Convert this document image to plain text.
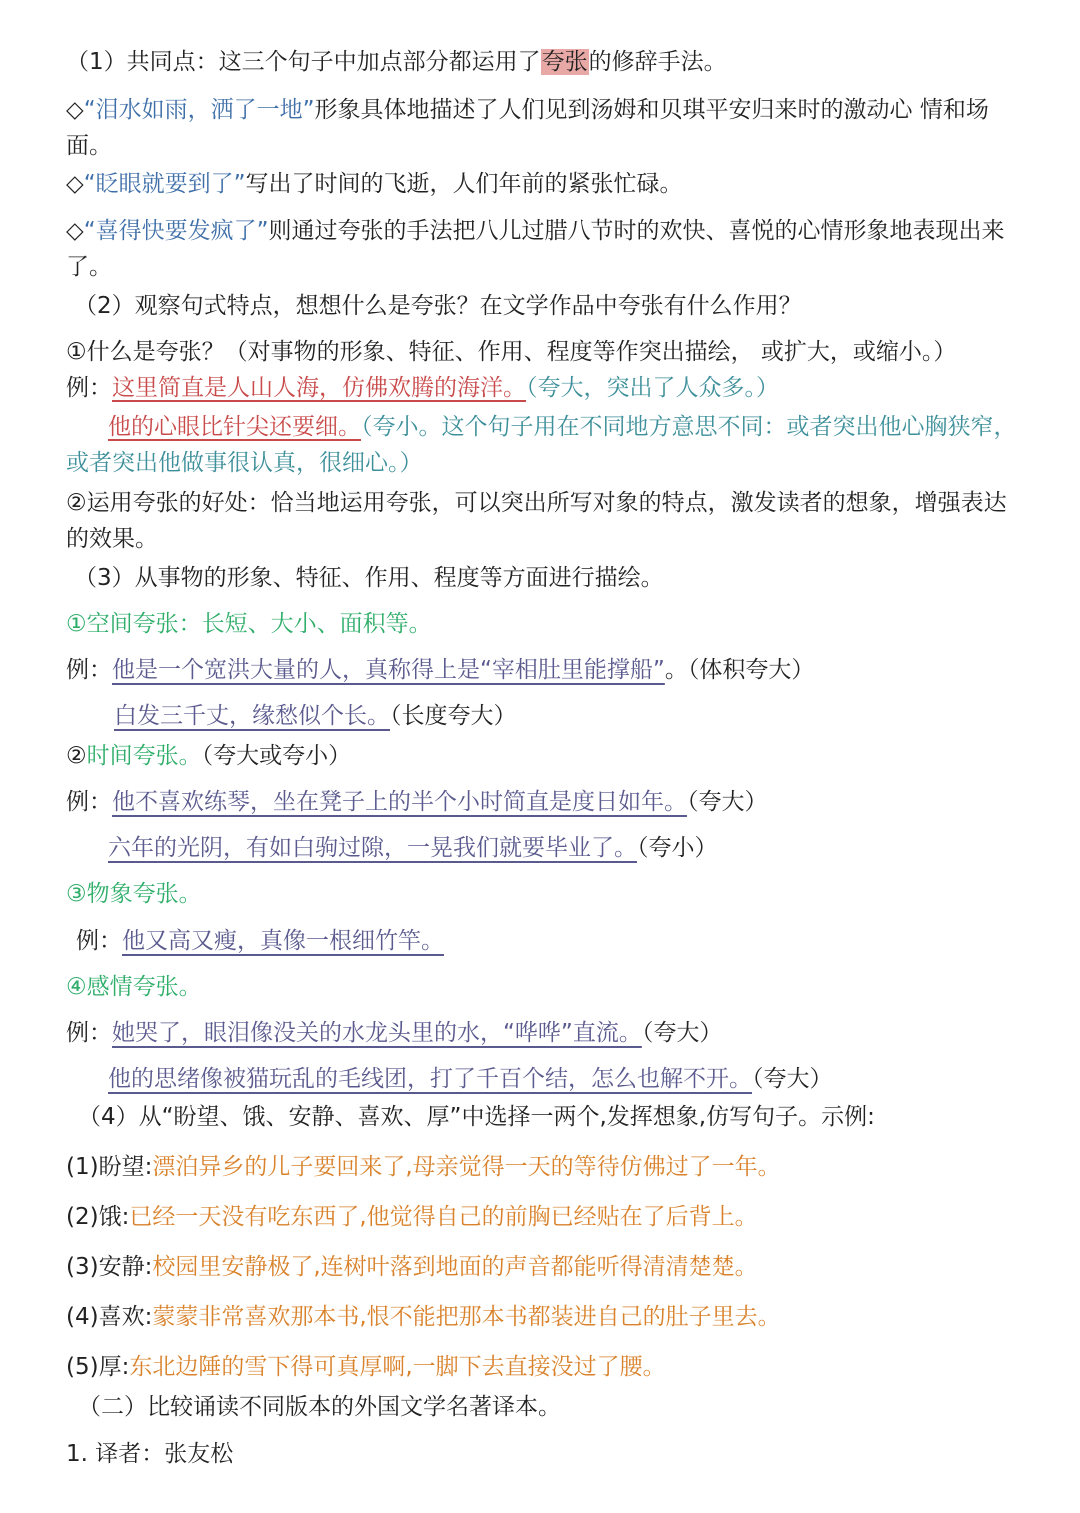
（1）共同点：这三个句子中加点部分都运用了夸张的修辞手法。
◇“泪水如雨，洒了一地”形象具体地描述了人们见到汤姆和贝琪平安归来时的激动心 情和场面。
◇“眨眼就要到了”写出了时间的飞逝，人们年前的紧张忙碌。
◇“喜得快要发疯了”则通过夸张的手法把八儿过腊八节时的欢快、喜悦的心情形象地表现出来了。
（2）观察句式特点，想想什么是夸张？在文学作品中夸张有什么作用？
①什么是夸张？（对事物的形象、特征、作用、程度等作突出描绘， 或扩大，或缩小。）
例：这里简直是人山人海，仿佛欢腾的海洋。（夸大，突出了人众多。）
他的心眼比针尖还要细。（夸小。这个句子用在不同地方意思不同：或者突出他心胸狭窄，或者突出他做事很认真，很细心。）
②运用夸张的好处：恰当地运用夸张，可以突出所写对象的特点，激发读者的想象，增强表达的效果。
（3）从事物的形象、特征、作用、程度等方面进行描绘。
①空间夸张：长短、大小、面积等。
例：他是一个宽洪大量的人，真称得上是“宰相肚里能撑船”。（体积夸大）
白发三千丈，缘愁似个长。（长度夸大）
②时间夸张。（夸大或夸小）
例：他不喜欢练琴，坐在凳子上的半个小时简直是度日如年。（夸大）
六年的光阴，有如白驹过隙，一晃我们就要毕业了。（夸小）
③物象夸张。
例：他又高又瘦，真像一根细竹竿。
④感情夸张。
例：她哭了，眼泪像没关的水龙头里的水，“哗哗”直流。（夸大）
他的思绪像被猫玩乱的毛线团，打了千百个结，怎么也解不开。（夸大）
（4）从“盼望、饿、安静、喜欢、厚”中选择一两个,发挥想象,仿写句子。示例:
(1)盼望:漂泊异乡的儿子要回来了,母亲觉得一天的等待仿佛过了一年。
(2)饿:已经一天没有吃东西了,他觉得自己的前胸已经贴在了后背上。
(3)安静:校园里安静极了,连树叶落到地面的声音都能听得清清楚楚。
(4)喜欢:蒙蒙非常喜欢那本书,恨不能把那本书都装进自己的肚子里去。
(5)厚:东北边陲的雪下得可真厚啊,一脚下去直接没过了腰。
（二）比较诵读不同版本的外国文学名著译本。
1. 译者：张友松
